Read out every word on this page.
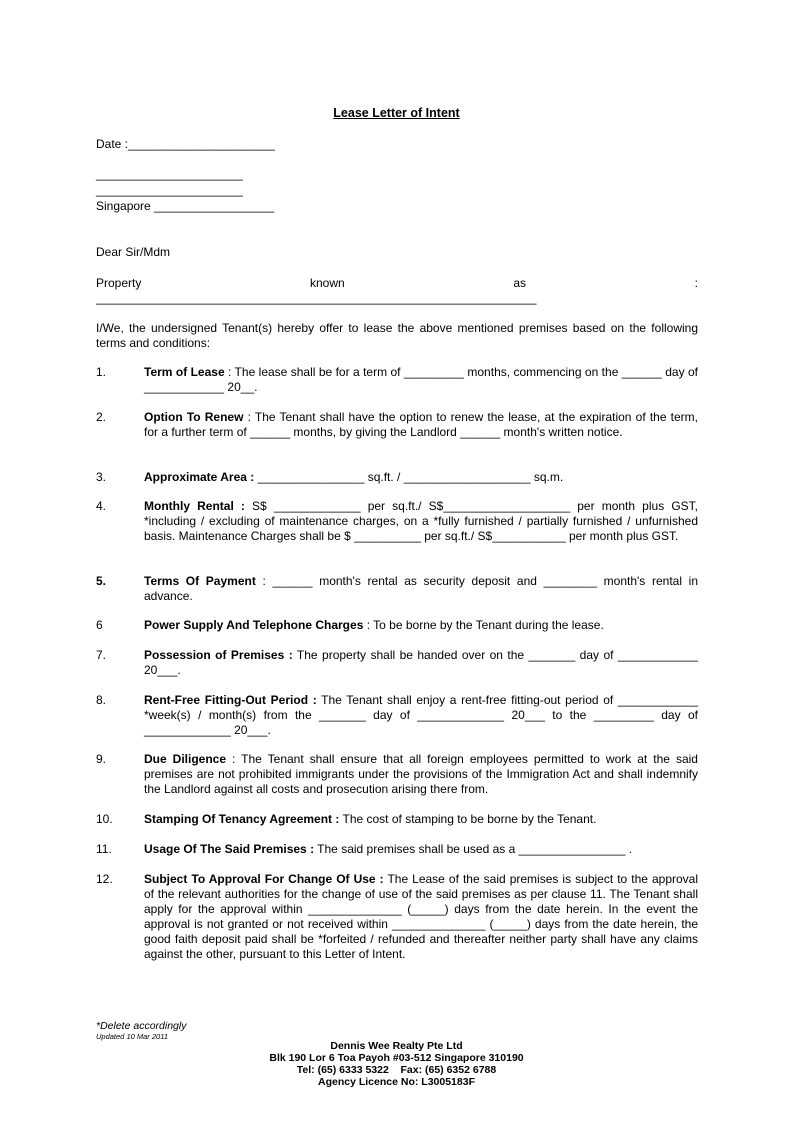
Lease Letter of Intent
Date :______________________
______________________
______________________
Singapore __________________
Dear Sir/Mdm
Property	known	as	:
__________________________________________________________________
I/We, the undersigned Tenant(s) hereby offer to lease the above mentioned premises based on the following terms and conditions:
1.	Term of Lease : The lease shall be for a term of _________ months, commencing on the ______ day of ____________ 20__.
2.	Option To Renew : The Tenant shall have the option to renew the lease, at the expiration of the term, for a further term of ______ months, by giving the Landlord ______ month's written notice.
3.	Approximate Area : ________________ sq.ft. / ___________________ sq.m.
4.	Monthly Rental : S$ _____________ per sq.ft./ S$___________________ per month plus GST, *including / excluding of maintenance charges, on a *fully furnished / partially furnished / unfurnished basis. Maintenance Charges shall be $ __________ per sq.ft./ S$___________ per month plus GST.
5.	Terms Of Payment : ______ month's rental as security deposit and ________ month's rental in advance.
6	Power Supply And Telephone Charges : To be borne by the Tenant during the lease.
7.	Possession of Premises : The property shall be handed over on the _______ day of ____________ 20___.
8.	Rent-Free Fitting-Out Period : The Tenant shall enjoy a rent-free fitting-out period of ____________ *week(s) / month(s) from the _______ day of _____________ 20___ to the _________ day of _____________ 20___.
9.	Due Diligence : The Tenant shall ensure that all foreign employees permitted to work at the said premises are not prohibited immigrants under the provisions of the Immigration Act and shall indemnify the Landlord against all costs and prosecution arising there from.
10.	Stamping Of Tenancy Agreement : The cost of stamping to be borne by the Tenant.
11.	Usage Of The Said Premises : The said premises shall be used as a ________________ .
12.	Subject To Approval For Change Of Use : The Lease of the said premises is subject to the approval of the relevant authorities for the change of use of the said premises as per clause 11. The Tenant shall apply for the approval within ______________ (_____) days from the date herein. In the event the approval is not granted or not received within ______________ (_____) days from the date herein, the good faith deposit paid shall be *forfeited / refunded and thereafter neither party shall have any claims against the other, pursuant to this Letter of Intent.
*Delete accordingly
Updated 10 Mar 2011
Dennis Wee Realty Pte Ltd
Blk 190 Lor 6 Toa Payoh #03-512 Singapore 310190
Tel: (65) 6333 5322    Fax: (65) 6352 6788
Agency Licence No: L3005183F
